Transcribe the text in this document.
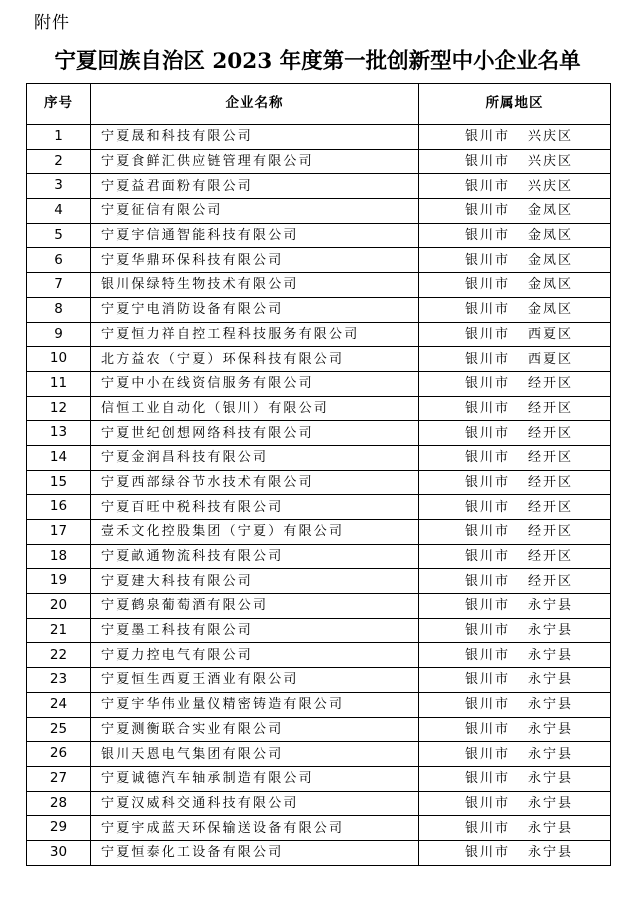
附件
宁夏回族自治区 2023 年度第一批创新型中小企业名单
序号	企业名称	所属地区
1	宁夏晟和科技有限公司	银川市 兴庆区
2	宁夏食鲜汇供应链管理有限公司	银川市 兴庆区
3	宁夏益君面粉有限公司	银川市 兴庆区
4	宁夏征信有限公司	银川市 金凤区
5	宁夏宇信通智能科技有限公司	银川市 金凤区
6	宁夏华鼎环保科技有限公司	银川市 金凤区
7	银川保绿特生物技术有限公司	银川市 金凤区
8	宁夏宁电消防设备有限公司	银川市 金凤区
9	宁夏恒力祥自控工程科技服务有限公司	银川市 西夏区
10	北方益农（宁夏）环保科技有限公司	银川市 西夏区
11	宁夏中小在线资信服务有限公司	银川市 经开区
12	信恒工业自动化（银川）有限公司	银川市 经开区
13	宁夏世纪创想网络科技有限公司	银川市 经开区
14	宁夏金润昌科技有限公司	银川市 经开区
15	宁夏西部绿谷节水技术有限公司	银川市 经开区
16	宁夏百旺中税科技有限公司	银川市 经开区
17	壹禾文化控股集团（宁夏）有限公司	银川市 经开区
18	宁夏畝通物流科技有限公司	银川市 经开区
19	宁夏建大科技有限公司	银川市 经开区
20	宁夏鹤泉葡萄酒有限公司	银川市 永宁县
21	宁夏墨工科技有限公司	银川市 永宁县
22	宁夏力控电气有限公司	银川市 永宁县
23	宁夏恒生西夏王酒业有限公司	银川市 永宁县
24	宁夏宇华伟业量仪精密铸造有限公司	银川市 永宁县
25	宁夏测衡联合实业有限公司	银川市 永宁县
26	银川天恩电气集团有限公司	银川市 永宁县
27	宁夏诚德汽车轴承制造有限公司	银川市 永宁县
28	宁夏汉威科交通科技有限公司	银川市 永宁县
29	宁夏宇成蓝天环保输送设备有限公司	银川市 永宁县
30	宁夏恒泰化工设备有限公司	银川市 永宁县
